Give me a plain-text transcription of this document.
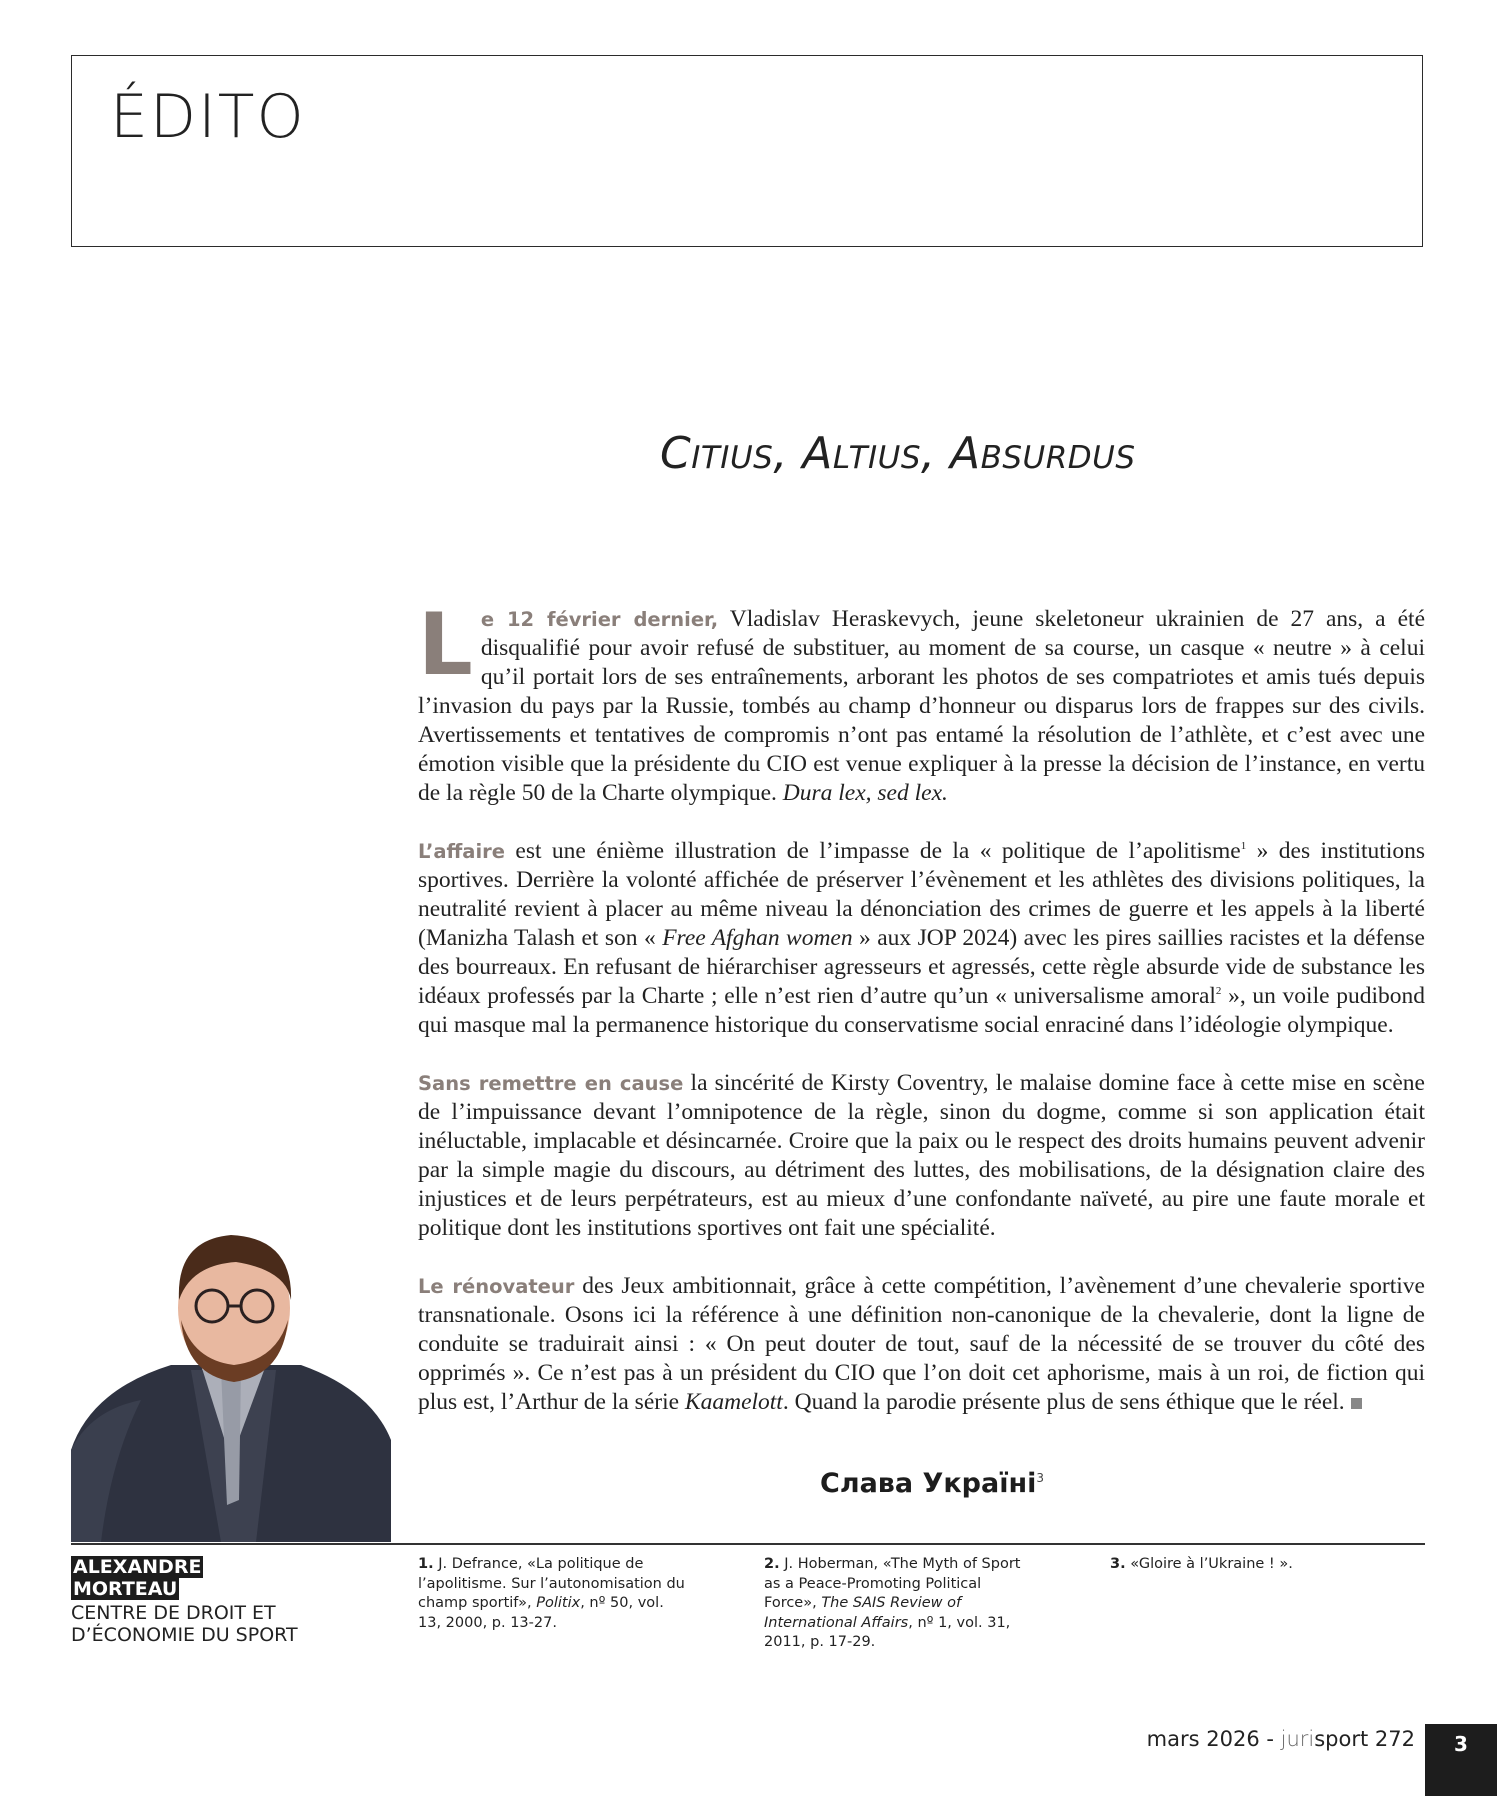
ÉDITO
Citius, Altius, Absurdus

Le 12 février dernier, Vladislav Heraskevych, jeune skeletoneur ukrainien de 27 ans, a été disqualifié pour avoir refusé de substituer, au moment de sa course, un casque « neutre » à celui qu’il portait lors de ses entraînements, arborant les photos de ses compatriotes et amis tués depuis l’invasion du pays par la Russie, tombés au champ d’honneur ou disparus lors de frappes sur des civils. Avertissements et tentatives de compromis n’ont pas entamé la résolution de l’athlète, et c’est avec une émotion visible que la présidente du CIO est venue expliquer à la presse la décision de l’instance, en vertu de la règle 50 de la Charte olympique. Dura lex, sed lex.

L’affaire est une énième illustration de l’impasse de la « politique de l’apolitisme$^1$ » des institutions sportives. Derrière la volonté affichée de préserver l’évènement et les athlètes des divisions politiques, la neutralité revient à placer au même niveau la dénonciation des crimes de guerre et les appels à la liberté (Manizha Talash et son « Free Afghan women » aux JOP 2024) avec les pires saillies racistes et la défense des bourreaux. En refusant de hiérarchiser agresseurs et agressés, cette règle absurde vide de substance les idéaux professés par la Charte ; elle n’est rien d’autre qu’un « universalisme amoral$^2$ », un voile pudibond qui masque mal la permanence historique du conservatisme social enraciné dans l’idéologie olympique.

Sans remettre en cause la sincérité de Kirsty Coventry, le malaise domine face à cette mise en scène de l’impuissance devant l’omnipotence de la règle, sinon du dogme, comme si son application était inéluctable, implacable et désincarnée. Croire que la paix ou le respect des droits humains peuvent advenir par la simple magie du discours, au détriment des luttes, des mobilisations, de la désignation claire des injustices et de leurs perpétrateurs, est au mieux d’une confondante naïveté, au pire une faute morale et politique dont les institutions sportives ont fait une spécialité.

Le rénovateur des Jeux ambitionnait, grâce à cette compétition, l’avènement d’une chevalerie sportive transnationale. Osons ici la référence à une définition non-canonique de la chevalerie, dont la ligne de conduite se traduirait ainsi : « On peut douter de tout, sauf de la nécessité de se trouver du côté des opprimés ». Ce n’est pas à un président du CIO que l’on doit cet aphorisme, mais à un roi, de fiction qui plus est, l’Arthur de la série Kaamelott. Quand la parodie présente plus de sens éthique que le réel.

Слава Україні$^3$
ALEXANDRE
MORTEAU
CENTRE DE DROIT ET
D’ÉCONOMIE DU SPORT
1. J. Defrance, «La politique de l’apolitisme. Sur l’autonomisation du champ sportif», Politix, nº 50, vol. 13, 2000, p. 13-27.
2. J. Hoberman, «The Myth of Sport as a Peace-Promoting Political Force», The SAIS Review of International Affairs, nº 1, vol. 31, 2011, p. 17-29.
3. «Gloire à l’Ukraine ! ».
mars 2026 - jurisport 272	3
